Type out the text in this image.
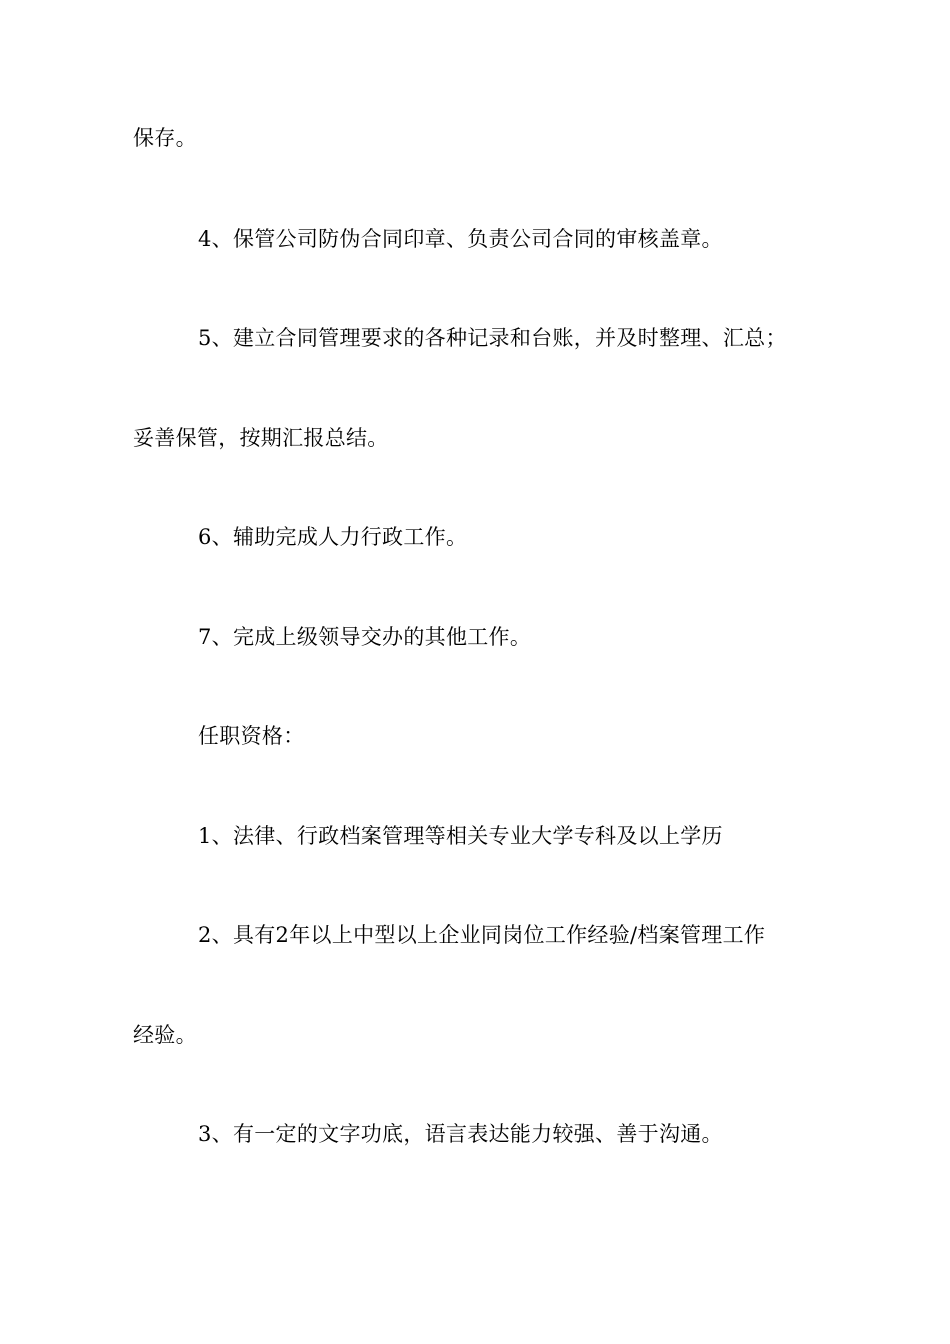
保存。
4、保管公司防伪合同印章、负责公司合同的审核盖章。
5、建立合同管理要求的各种记录和台账，并及时整理、汇总；
妥善保管，按期汇报总结。
6、辅助完成人力行政工作。
7、完成上级领导交办的其他工作。
任职资格：
1、法律、行政档案管理等相关专业大学专科及以上学历
2、具有2年以上中型以上企业同岗位工作经验/档案管理工作
经验。
3、有一定的文字功底，语言表达能力较强、善于沟通。
